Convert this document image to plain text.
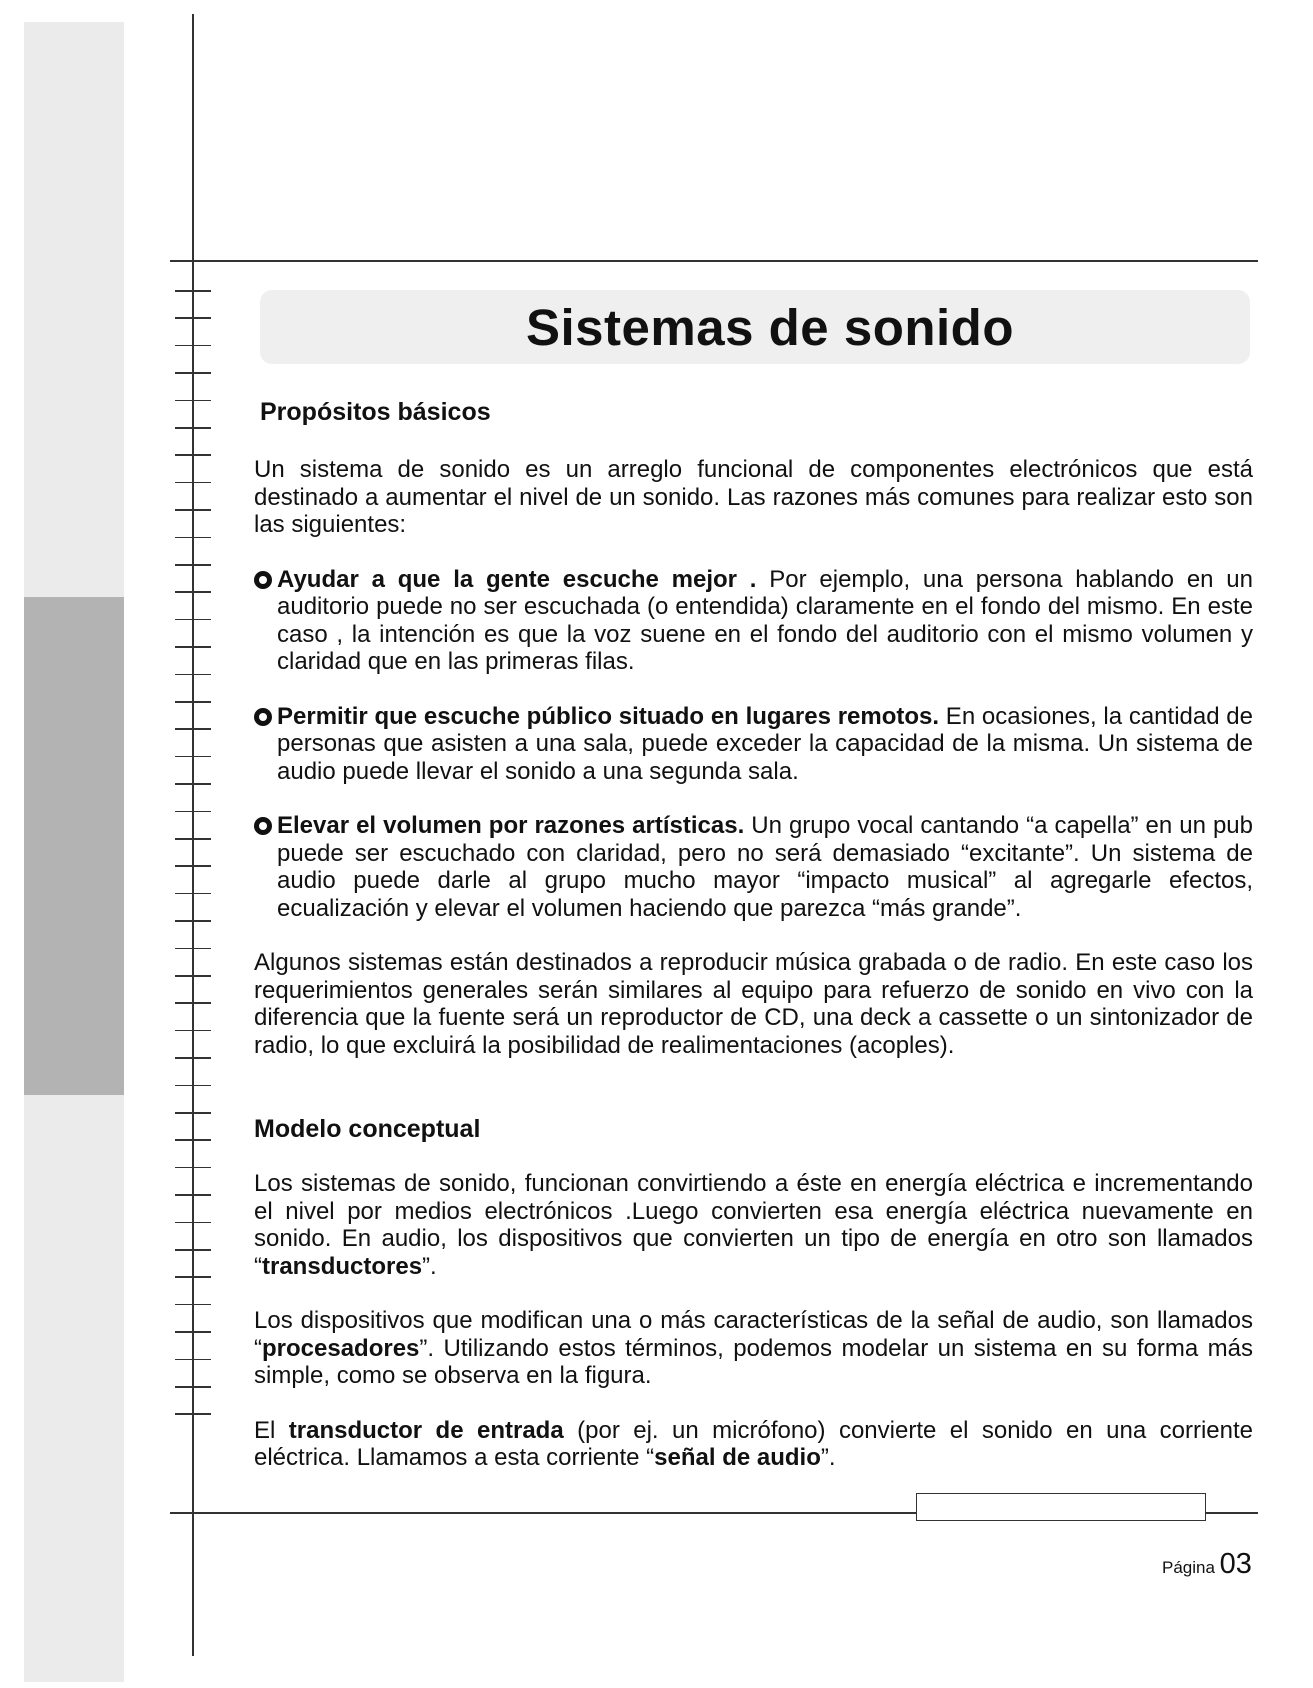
Sistemas de sonido
Propósitos básicos

Un sistema de sonido es un arreglo funcional de componentes electrónicos que está destinado a aumentar el nivel de un sonido. Las razones más comunes para realizar esto son las siguientes:

Ayudar a que la gente escuche mejor . Por ejemplo, una persona hablando en un auditorio puede no ser escuchada (o entendida) claramente en el fondo del mismo. En este caso , la intención es que la voz suene en el fondo del auditorio con el mismo volumen y claridad que en las primeras filas.
Permitir que escuche público situado en lugares remotos. En ocasiones, la cantidad de personas que asisten a una sala, puede exceder la capacidad de la misma. Un sistema de audio puede llevar el sonido a una segunda sala.
Elevar el volumen por razones artísticas. Un grupo vocal cantando “a capella” en un pub puede ser escuchado con claridad, pero no será demasiado “excitante”. Un sistema de audio puede darle al grupo mucho mayor “impacto musical” al agregarle efectos, ecualización y elevar el volumen haciendo que parezca “más grande”.

Algunos sistemas están destinados a reproducir música grabada o de radio. En este caso los requerimientos generales serán similares al equipo para refuerzo de sonido en vivo con la diferencia que la fuente será un reproductor de CD, una deck a cassette o un sintonizador de radio, lo que excluirá la posibilidad de realimentaciones (acoples).

Modelo conceptual

Los sistemas de sonido, funcionan convirtiendo a éste en energía eléctrica e incrementando el nivel por medios electrónicos .Luego convierten esa energía eléctrica nuevamente en sonido. En audio, los dispositivos que convierten un tipo de energía en otro son llamados “transductores”.

Los dispositivos que modifican una o más características de la señal de audio, son llamados “procesadores”. Utilizando estos términos, podemos modelar un sistema en su forma más simple, como se observa en la figura.

El transductor de entrada (por ej. un micrófono) convierte el sonido en una corriente eléctrica. Llamamos a esta corriente “señal de audio”.

Página 03
